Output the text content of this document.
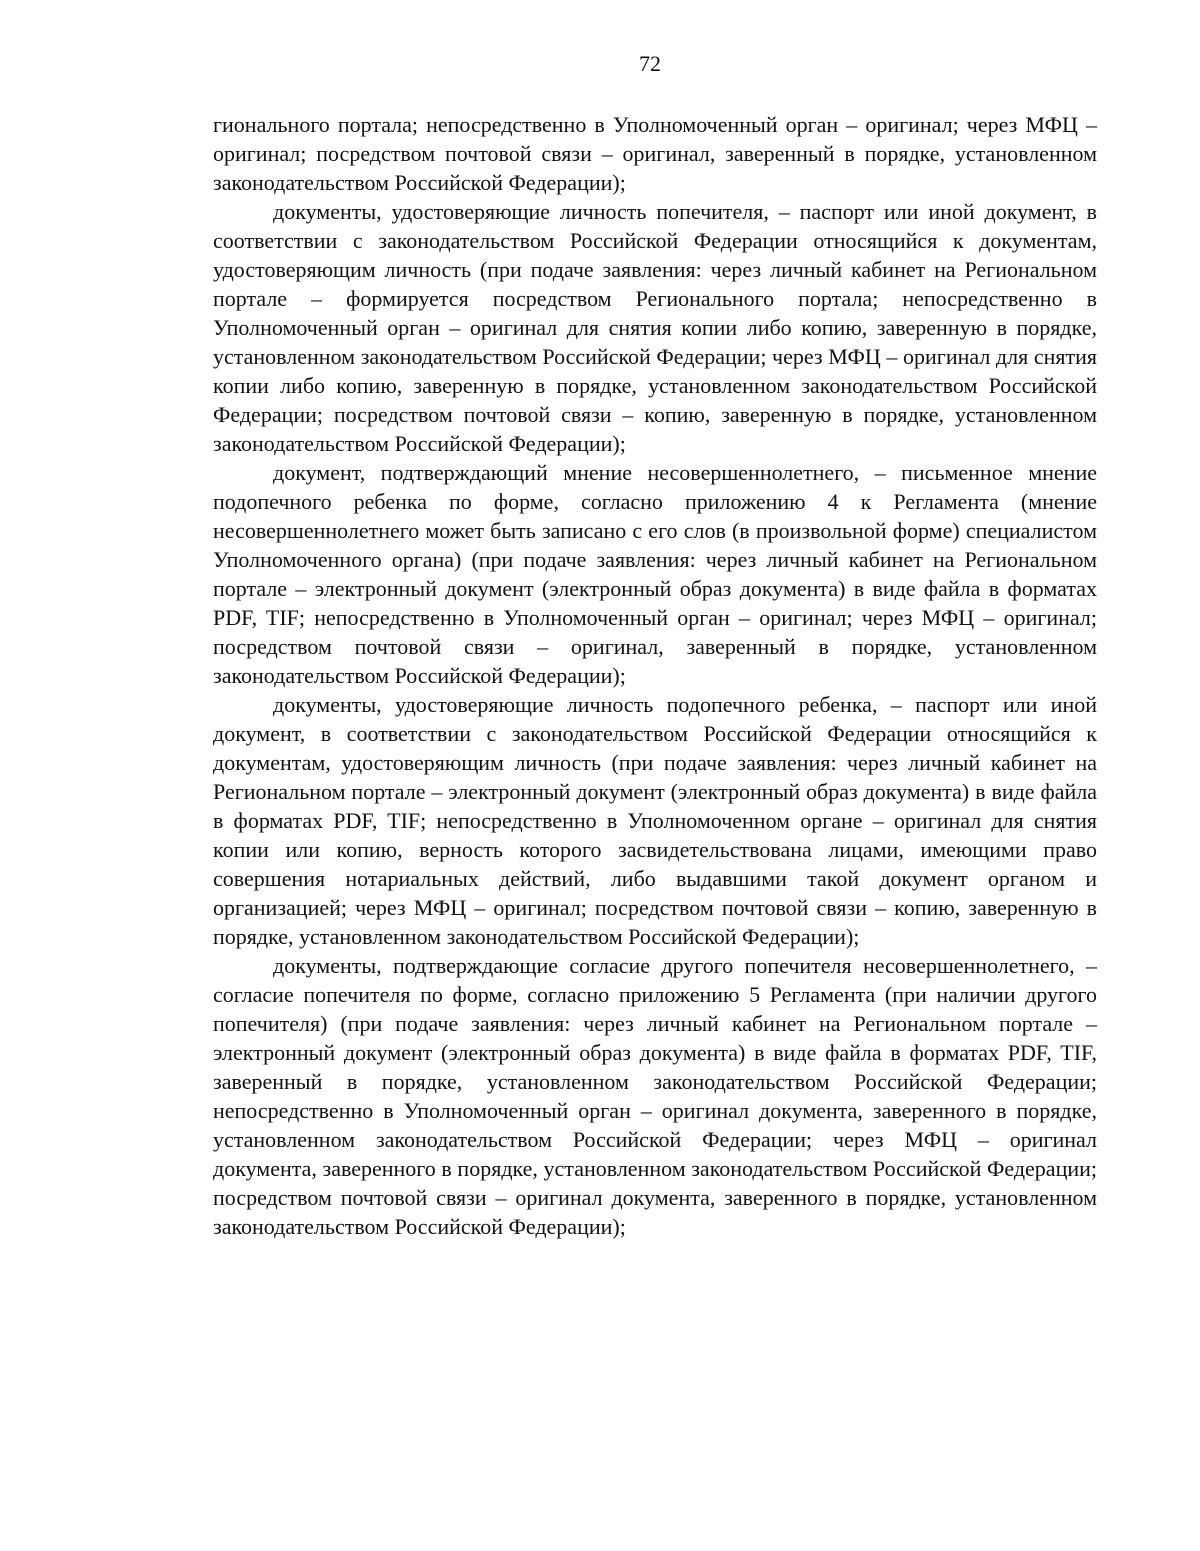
72

гионального портала; непосредственно в Уполномоченный орган – оригинал; через МФЦ – оригинал; посредством почтовой связи – оригинал, заверенный в порядке, установленном законодательством Российской Федерации);

документы, удостоверяющие личность попечителя, – паспорт или иной документ, в соответствии с законодательством Российской Федерации относящийся к документам, удостоверяющим личность (при подаче заявления: через личный кабинет на Региональном портале – формируется посредством Регионального портала; непосредственно в Уполномоченный орган – оригинал для снятия копии либо копию, заверенную в порядке, установленном законодательством Российской Федерации; через МФЦ – оригинал для снятия копии либо копию, заверенную в порядке, установленном законодательством Российской Федерации; посредством почтовой связи – копию, заверенную в порядке, установленном законодательством Российской Федерации);

документ, подтверждающий мнение несовершеннолетнего, – письменное мнение подопечного ребенка по форме, согласно приложению 4 к Регламента (мнение несовершеннолетнего может быть записано с его слов (в произвольной форме) специалистом Уполномоченного органа) (при подаче заявления: через личный кабинет на Региональном портале – электронный документ (электронный образ документа) в виде файла в форматах PDF, TIF; непосредственно в Уполномоченный орган – оригинал; через МФЦ – оригинал; посредством почтовой связи – оригинал, заверенный в порядке, установленном законодательством Российской Федерации);

документы, удостоверяющие личность подопечного ребенка, – паспорт или иной документ, в соответствии с законодательством Российской Федерации относящийся к документам, удостоверяющим личность (при подаче заявления: через личный кабинет на Региональном портале – электронный документ (электронный образ документа) в виде файла в форматах PDF, TIF; непосредственно в Уполномоченном органе – оригинал для снятия копии или копию, верность которого засвидетельствована лицами, имеющими право совершения нотариальных действий, либо выдавшими такой документ органом и организацией; через МФЦ – оригинал; посредством почтовой связи – копию, заверенную в порядке, установленном законодательством Российской Федерации);

документы, подтверждающие согласие другого попечителя несовершеннолетнего, – согласие попечителя по форме, согласно приложению 5 Регламента (при наличии другого попечителя) (при подаче заявления: через личный кабинет на Региональном портале – электронный документ (электронный образ документа) в виде файла в форматах PDF, TIF, заверенный в порядке, установленном законодательством Российской Федерации; непосредственно в Уполномоченный орган – оригинал документа, заверенного в порядке, установленном законодательством Российской Федерации; через МФЦ – оригинал документа, заверенного в порядке, установленном законодательством Российской Федерации; посредством почтовой связи – оригинал документа, заверенного в порядке, установленном законодательством Российской Федерации);
